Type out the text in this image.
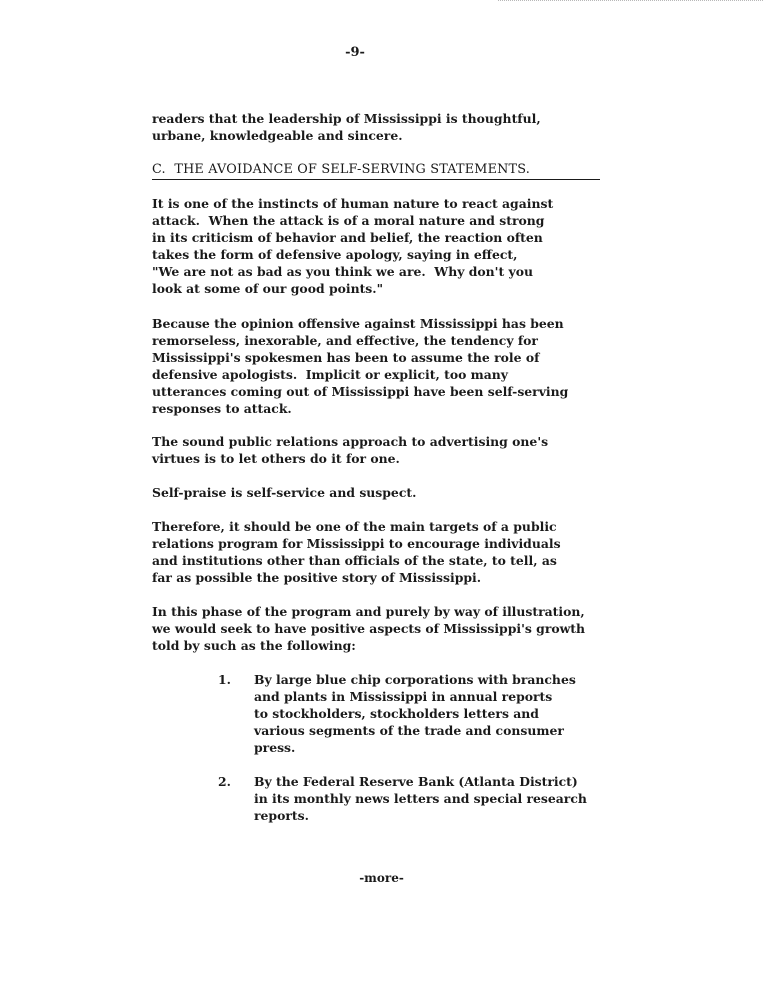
-9-

readers that the leadership of Mississippi is thoughtful,
urbane, knowledgeable and sincere.

C.  THE AVOIDANCE OF SELF-SERVING STATEMENTS.

It is one of the instincts of human nature to react against
attack.  When the attack is of a moral nature and strong
in its criticism of behavior and belief, the reaction often
takes the form of defensive apology, saying in effect,
"We are not as bad as you think we are.  Why don't you
look at some of our good points."

Because the opinion offensive against Mississippi has been
remorseless, inexorable, and effective, the tendency for
Mississippi's spokesmen has been to assume the role of
defensive apologists.  Implicit or explicit, too many
utterances coming out of Mississippi have been self-serving
responses to attack.

The sound public relations approach to advertising one's
virtues is to let others do it for one.

Self-praise is self-service and suspect.

Therefore, it should be one of the main targets of a public
relations program for Mississippi to encourage individuals
and institutions other than officials of the state, to tell, as
far as possible the positive story of Mississippi.

In this phase of the program and purely by way of illustration,
we would seek to have positive aspects of Mississippi's growth
told by such as the following:

1. By large blue chip corporations with branches
and plants in Mississippi in annual reports
to stockholders, stockholders letters and
various segments of the trade and consumer
press.
2. By the Federal Reserve Bank (Atlanta District)
in its monthly news letters and special research
reports.
-more-
